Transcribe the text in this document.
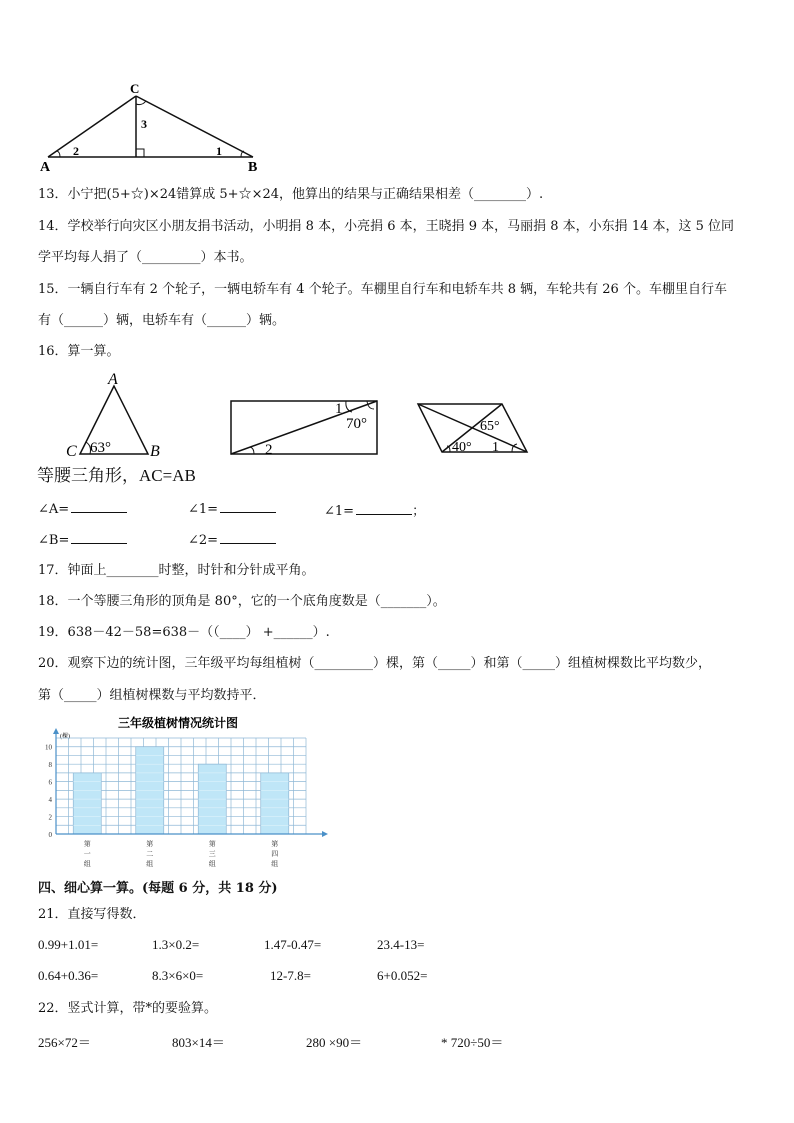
C
A	B
2	1
3
13．小宁把(5+☆)×24错算成 5+☆×24，他算出的结果与正确结果相差（________）.
14．学校举行向灾区小朋友捐书活动，小明捐 8 本，小亮捐 6 本，王晓捐 9 本，马丽捐 8 本，小东捐 14 本，这 5 位同
学平均每人捐了（_________）本书。
15．一辆自行车有 2 个轮子，一辆电轿车有 4 个轮子。车棚里自行车和电轿车共 8 辆，车轮共有 26 个。车棚里自行车
有（______）辆，电轿车有（______）辆。
16．算一算。
A
C	B
63°
1
70°
2
65°
40° 1
等腰三角形，AC=AB
∠A=	∠1=	∠1=	；
∠B=	∠2=
17．钟面上________时整，时针和分针成平角。
18．一个等腰三角形的顶角是 80°，它的一个底角度数是（_______）。
19．638－42－58=638－（（____） +______）.
20．观察下边的统计图，三年级平均每组植树（_________）棵，第（_____）和第（_____）组植树棵数比平均数少，
第（_____）组植树棵数与平均数持平．
三年级植树情况统计图
(棵)
第
一
组
第
二
组
第
三
组
第
四
组
0
2
4
6
8
10
四、细心算一算。(每题 6 分，共 18 分)
21．直接写得数．
0.99+1.01=	1.3×0.2=	1.47-0.47=	23.4-13=
0.64+0.36=	8.3×6×0=	12-7.8=	6+0.052=
22．竖式计算，带*的要验算。
256×72＝	803×14＝	280 ×90＝	* 720÷50＝
